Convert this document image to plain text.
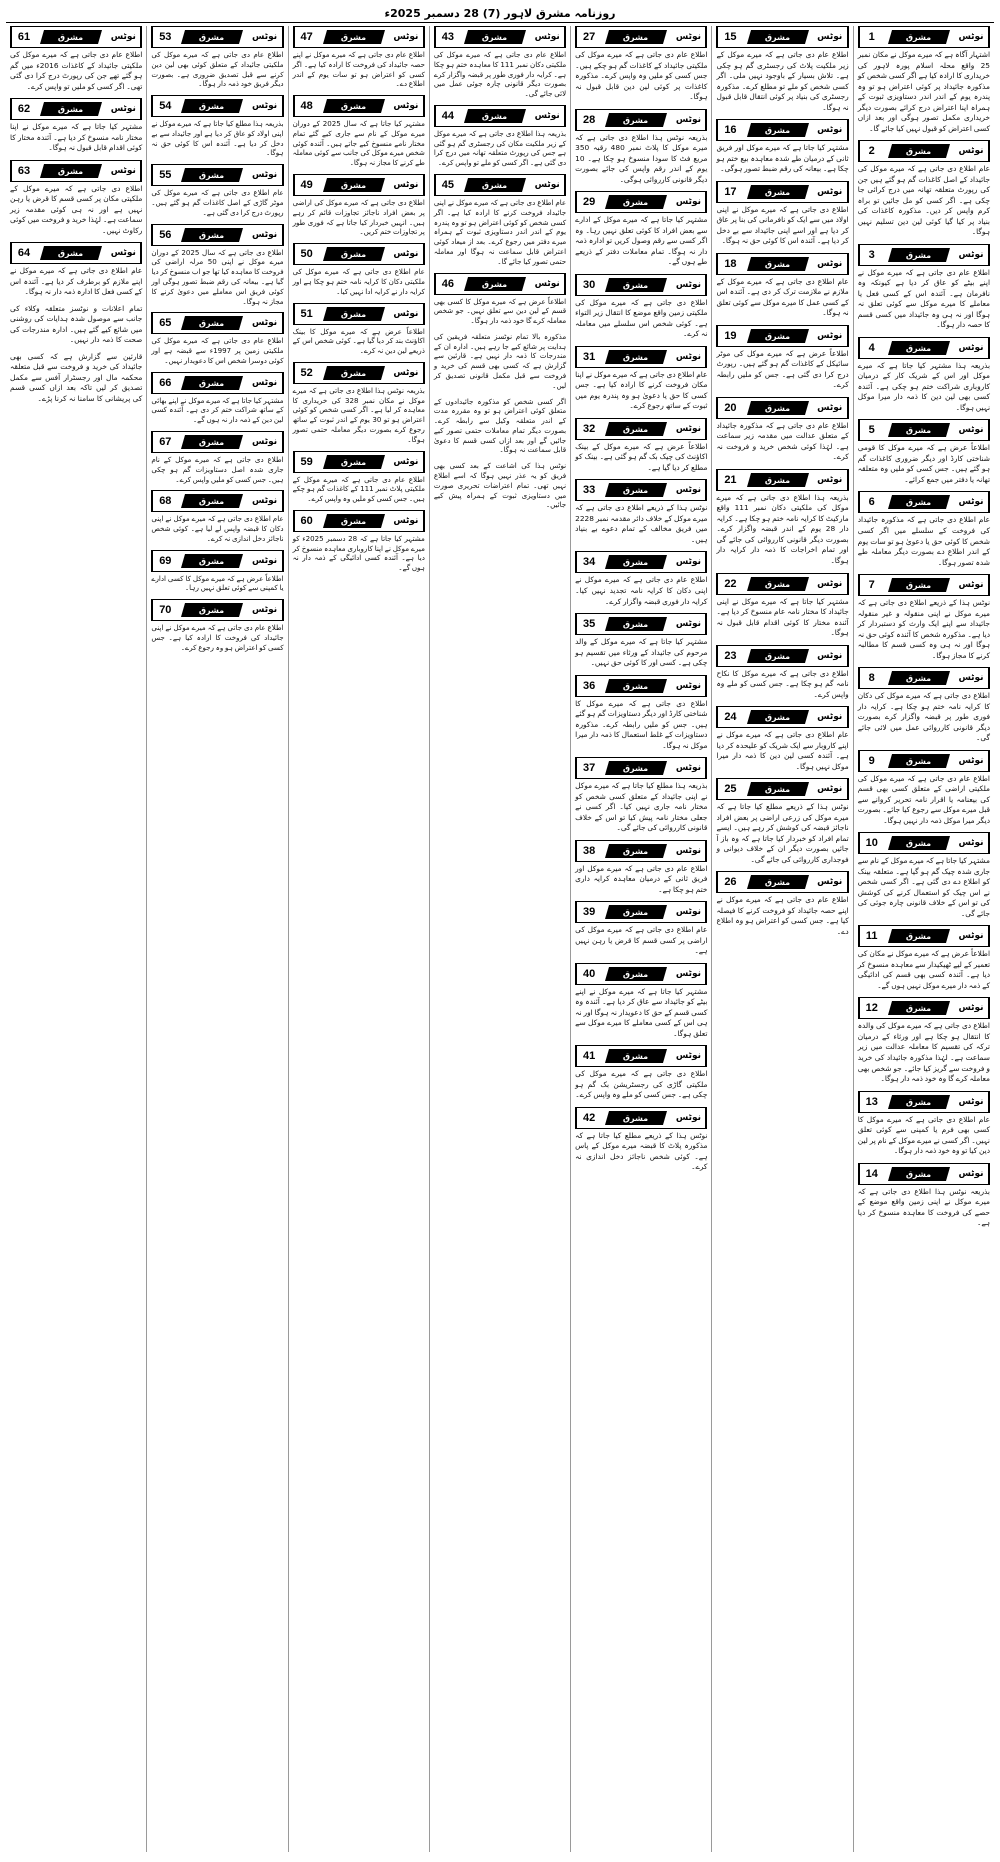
روزنامہ مشرق لاہور (7) 28 دسمبر 2025ء
نوٹس
مشرق
1

اشتہار آگاہ ہے کہ میرے موکل نے مکان نمبر 25 واقع محلہ اسلام پورہ لاہور کی خریداری کا ارادہ کیا ہے اگر کسی شخص کو مذکورہ جائیداد پر کوئی اعتراض ہو تو وہ پندرہ یوم کے اندر اندر دستاویزی ثبوت کے ہمراہ اپنا اعتراض درج کرائے بصورت دیگر خریداری مکمل تصور ہوگی اور بعد ازاں کسی اعتراض کو قبول نہیں کیا جائے گا۔

نوٹس
مشرق
2

عام اطلاع دی جاتی ہے کہ میرے موکل کی جائیداد کے اصل کاغذات گم ہو گئے ہیں جن کی رپورٹ متعلقہ تھانہ میں درج کرائی جا چکی ہے۔ اگر کسی کو مل جائیں تو براہ کرم واپس کر دیں۔ مذکورہ کاغذات کی بنیاد پر کیا گیا کوئی لین دین تسلیم نہیں ہوگا۔

نوٹس
مشرق
3

اطلاع عام دی جاتی ہے کہ میرے موکل نے اپنے بیٹے کو عاق کر دیا ہے کیونکہ وہ نافرمان ہے۔ آئندہ اس کے کسی فعل یا معاملے کا میرے موکل سے کوئی تعلق نہ ہوگا اور نہ ہی وہ جائیداد میں کسی قسم کا حصہ دار ہوگا۔

نوٹس
مشرق
4

بذریعہ ہذا مشتہر کیا جاتا ہے کہ میرے موکل اور اس کے شریک کار کے درمیان کاروباری شراکت ختم ہو چکی ہے۔ آئندہ کسی بھی لین دین کا ذمہ دار میرا موکل نہیں ہوگا۔

نوٹس
مشرق
5

اطلاعاً عرض ہے کہ میرے موکل کا قومی شناختی کارڈ اور دیگر ضروری کاغذات گم ہو گئے ہیں۔ جس کسی کو ملیں وہ متعلقہ تھانہ یا دفتر میں جمع کرائے۔

نوٹس
مشرق
6

عام اطلاع دی جاتی ہے کہ مذکورہ جائیداد کی فروخت کے سلسلے میں اگر کسی شخص کا کوئی حق یا دعویٰ ہو تو سات یوم کے اندر اطلاع دے بصورت دیگر معاملہ طے شدہ تصور ہوگا۔

نوٹس
مشرق
7

نوٹس ہذا کے ذریعے اطلاع دی جاتی ہے کہ میرے موکل نے اپنی منقولہ و غیر منقولہ جائیداد سے اپنے ایک وارث کو دستبردار کر دیا ہے۔ مذکورہ شخص کا آئندہ کوئی حق نہ ہوگا اور نہ ہی وہ کسی قسم کا مطالبہ کرنے کا مجاز ہوگا۔

نوٹس
مشرق
8

اطلاع دی جاتی ہے کہ میرے موکل کی دکان کا کرایہ نامہ ختم ہو چکا ہے۔ کرایہ دار فوری طور پر قبضہ واگزار کرے بصورت دیگر قانونی کارروائی عمل میں لائی جائے گی۔

نوٹس
مشرق
9

اطلاع عام دی جاتی ہے کہ میرے موکل کی ملکیتی اراضی کے متعلق کسی بھی قسم کی بیعنامہ یا اقرار نامہ تحریر کروانے سے قبل میرے موکل سے رجوع کیا جائے۔ بصورت دیگر میرا موکل ذمہ دار نہیں ہوگا۔

نوٹس
مشرق
10

مشتہر کیا جاتا ہے کہ میرے موکل کے نام سے جاری شدہ چیک گم ہو گیا ہے۔ متعلقہ بینک کو اطلاع دے دی گئی ہے۔ اگر کسی شخص نے اس چیک کو استعمال کرنے کی کوشش کی تو اس کے خلاف قانونی چارہ جوئی کی جائے گی۔

نوٹس
مشرق
11

اطلاعاً عرض ہے کہ میرے موکل نے مکان کی تعمیر کے لیے ٹھیکیدار سے معاہدہ منسوخ کر دیا ہے۔ آئندہ کسی بھی قسم کی ادائیگی کے ذمہ دار میرے موکل نہیں ہوں گے۔

نوٹس
مشرق
12

اطلاع دی جاتی ہے کہ میرے موکل کی والدہ کا انتقال ہو چکا ہے اور ورثاء کے درمیان ترکہ کی تقسیم کا معاملہ عدالت میں زیر سماعت ہے۔ لہٰذا مذکورہ جائیداد کی خرید و فروخت سے گریز کیا جائے۔ جو شخص بھی معاملہ کرے گا وہ خود ذمہ دار ہوگا۔

نوٹس
مشرق
13

عام اطلاع دی جاتی ہے کہ میرے موکل کا کسی بھی فرم یا کمپنی سے کوئی تعلق نہیں۔ اگر کسی نے میرے موکل کے نام پر لین دین کیا تو وہ خود ذمہ دار ہوگا۔

نوٹس
مشرق
14

بذریعہ نوٹس ہذا اطلاع دی جاتی ہے کہ میرے موکل نے اپنی زمین واقع موضع کے حصے کی فروخت کا معاہدہ منسوخ کر دیا ہے۔

نوٹس
مشرق
15

اطلاع عام دی جاتی ہے کہ میرے موکل کے زیر ملکیت پلاٹ کی رجسٹری گم ہو چکی ہے۔ تلاش بسیار کے باوجود نہیں ملی۔ اگر کسی شخص کو ملے تو مطلع کرے۔ مذکورہ رجسٹری کی بنیاد پر کوئی انتقال قابل قبول نہ ہوگا۔

نوٹس
مشرق
16

مشتہر کیا جاتا ہے کہ میرے موکل اور فریق ثانی کے درمیان طے شدہ معاہدہ بیع ختم ہو چکا ہے۔ بیعانہ کی رقم ضبط تصور ہوگی۔

نوٹس
مشرق
17

اطلاع دی جاتی ہے کہ میرے موکل نے اپنی اولاد میں سے ایک کو نافرمانی کی بنا پر عاق کر دیا ہے اور اسے اپنی جائیداد سے بے دخل کر دیا ہے۔ آئندہ اس کا کوئی حق نہ ہوگا۔

نوٹس
مشرق
18

عام اطلاع دی جاتی ہے کہ میرے موکل کے ملازم نے ملازمت ترک کر دی ہے۔ آئندہ اس کے کسی عمل کا میرے موکل سے کوئی تعلق نہ ہوگا۔

نوٹس
مشرق
19

اطلاعاً عرض ہے کہ میرے موکل کی موٹر سائیکل کے کاغذات گم ہو گئے ہیں۔ رپورٹ درج کرا دی گئی ہے۔ جس کو ملیں رابطہ کرے۔

نوٹس
مشرق
20

اطلاع عام دی جاتی ہے کہ مذکورہ جائیداد کے متعلق عدالت میں مقدمہ زیر سماعت ہے۔ لہٰذا کوئی شخص خرید و فروخت نہ کرے۔

نوٹس
مشرق
21

بذریعہ ہذا اطلاع دی جاتی ہے کہ میرے موکل کی ملکیتی دکان نمبر 111 واقع مارکیٹ کا کرایہ نامہ ختم ہو چکا ہے۔ کرایہ دار 28 یوم کے اندر قبضہ واگزار کرے۔ بصورت دیگر قانونی کارروائی کی جائے گی اور تمام اخراجات کا ذمہ دار کرایہ دار ہوگا۔

نوٹس
مشرق
22

مشتہر کیا جاتا ہے کہ میرے موکل نے اپنی جائیداد کا مختار نامہ عام منسوخ کر دیا ہے۔ آئندہ مختار کا کوئی اقدام قابل قبول نہ ہوگا۔

نوٹس
مشرق
23

اطلاع دی جاتی ہے کہ میرے موکل کا نکاح نامہ گم ہو چکا ہے۔ جس کسی کو ملے وہ واپس کرے۔

نوٹس
مشرق
24

عام اطلاع دی جاتی ہے کہ میرے موکل نے اپنے کاروبار سے ایک شریک کو علیحدہ کر دیا ہے۔ آئندہ کسی لین دین کا ذمہ دار میرا موکل نہیں ہوگا۔

نوٹس
مشرق
25

نوٹس ہذا کے ذریعے مطلع کیا جاتا ہے کہ میرے موکل کی زرعی اراضی پر بعض افراد ناجائز قبضہ کی کوشش کر رہے ہیں۔ ایسے تمام افراد کو خبردار کیا جاتا ہے کہ وہ باز آ جائیں بصورت دیگر ان کے خلاف دیوانی و فوجداری کارروائی کی جائے گی۔

نوٹس
مشرق
26

اطلاع عام دی جاتی ہے کہ میرے موکل نے اپنے حصہ جائیداد کو فروخت کرنے کا فیصلہ کیا ہے۔ جس کسی کو اعتراض ہو وہ اطلاع دے۔

نوٹس
مشرق
27

اطلاع عام دی جاتی ہے کہ میرے موکل کی ملکیتی جائیداد کے کاغذات گم ہو چکے ہیں۔ جس کسی کو ملیں وہ واپس کرے۔ مذکورہ کاغذات پر کوئی لین دین قابل قبول نہ ہوگا۔

نوٹس
مشرق
28

بذریعہ نوٹس ہذا اطلاع دی جاتی ہے کہ میرے موکل کا پلاٹ نمبر 480 رقبہ 350 مربع فٹ کا سودا منسوخ ہو چکا ہے۔ 10 یوم کے اندر رقم واپس کی جائے بصورت دیگر قانونی کارروائی ہوگی۔

نوٹس
مشرق
29

مشتہر کیا جاتا ہے کہ میرے موکل کے ادارے سے بعض افراد کا کوئی تعلق نہیں رہا۔ وہ اگر کسی سے رقم وصول کریں تو ادارہ ذمہ دار نہ ہوگا۔ تمام معاملات دفتر کے ذریعے طے ہوں گے۔

نوٹس
مشرق
30

اطلاع دی جاتی ہے کہ میرے موکل کی ملکیتی زمین واقع موضع کا انتقال زیر التواء ہے۔ کوئی شخص اس سلسلے میں معاملہ نہ کرے۔

نوٹس
مشرق
31

عام اطلاع دی جاتی ہے کہ میرے موکل نے اپنا مکان فروخت کرنے کا ارادہ کیا ہے۔ جس کسی کا حق یا دعویٰ ہو وہ پندرہ یوم میں ثبوت کے ساتھ رجوع کرے۔

نوٹس
مشرق
32

اطلاعاً عرض ہے کہ میرے موکل کے بینک اکاؤنٹ کی چیک بک گم ہو گئی ہے۔ بینک کو مطلع کر دیا گیا ہے۔

نوٹس
مشرق
33

نوٹس ہذا کے ذریعے اطلاع دی جاتی ہے کہ میرے موکل کے خلاف دائر مقدمہ نمبر 2228 میں فریق مخالف کے تمام دعوے بے بنیاد ہیں۔

نوٹس
مشرق
34

اطلاع عام دی جاتی ہے کہ میرے موکل نے اپنی دکان کا کرایہ نامہ تجدید نہیں کیا۔ کرایہ دار فوری قبضہ واگزار کرے۔

نوٹس
مشرق
35

مشتہر کیا جاتا ہے کہ میرے موکل کے والد مرحوم کی جائیداد کے ورثاء میں تقسیم ہو چکی ہے۔ کسی اور کا کوئی حق نہیں۔

نوٹس
مشرق
36

اطلاع دی جاتی ہے کہ میرے موکل کا شناختی کارڈ اور دیگر دستاویزات گم ہو گئے ہیں۔ جس کو ملیں رابطہ کرے۔ مذکورہ دستاویزات کے غلط استعمال کا ذمہ دار میرا موکل نہ ہوگا۔

نوٹس
مشرق
37

بذریعہ ہذا مطلع کیا جاتا ہے کہ میرے موکل نے اپنی جائیداد کے متعلق کسی شخص کو مختار نامہ جاری نہیں کیا۔ اگر کسی نے جعلی مختار نامہ پیش کیا تو اس کے خلاف قانونی کارروائی کی جائے گی۔

نوٹس
مشرق
38

اطلاع عام دی جاتی ہے کہ میرے موکل اور فریق ثانی کے درمیان معاہدہ کرایہ داری ختم ہو چکا ہے۔

نوٹس
مشرق
39

عام اطلاع دی جاتی ہے کہ میرے موکل کی اراضی پر کسی قسم کا قرض یا رہن نہیں ہے۔

نوٹس
مشرق
40

مشتہر کیا جاتا ہے کہ میرے موکل نے اپنے بیٹے کو جائیداد سے عاق کر دیا ہے۔ آئندہ وہ کسی قسم کے حق کا دعویدار نہ ہوگا اور نہ ہی اس کے کسی معاملے کا میرے موکل سے تعلق ہوگا۔

نوٹس
مشرق
41

اطلاع دی جاتی ہے کہ میرے موکل کی ملکیتی گاڑی کی رجسٹریشن بک گم ہو چکی ہے۔ جس کسی کو ملے وہ واپس کرے۔

نوٹس
مشرق
42

نوٹس ہذا کے ذریعے مطلع کیا جاتا ہے کہ مذکورہ پلاٹ کا قبضہ میرے موکل کے پاس ہے۔ کوئی شخص ناجائز دخل اندازی نہ کرے۔

نوٹس
مشرق
43

اطلاع عام دی جاتی ہے کہ میرے موکل کی ملکیتی دکان نمبر 111 کا معاہدہ ختم ہو چکا ہے۔ کرایہ دار فوری طور پر قبضہ واگزار کرے بصورت دیگر قانونی چارہ جوئی عمل میں لائی جائے گی۔

نوٹس
مشرق
44

بذریعہ ہذا اطلاع دی جاتی ہے کہ میرے موکل کے زیر ملکیت مکان کی رجسٹری گم ہو گئی ہے جس کی رپورٹ متعلقہ تھانہ میں درج کرا دی گئی ہے۔ اگر کسی کو ملے تو واپس کرے۔

نوٹس
مشرق
45

عام اطلاع دی جاتی ہے کہ میرے موکل نے اپنی جائیداد فروخت کرنے کا ارادہ کیا ہے۔ اگر کسی شخص کو کوئی اعتراض ہو تو وہ پندرہ یوم کے اندر اندر دستاویزی ثبوت کے ہمراہ میرے دفتر میں رجوع کرے۔ بعد از میعاد کوئی اعتراض قابل سماعت نہ ہوگا اور معاملہ حتمی تصور کیا جائے گا۔

نوٹس
مشرق
46

اطلاعاً عرض ہے کہ میرے موکل کا کسی بھی قسم کے لین دین سے تعلق نہیں۔ جو شخص معاملہ کرے گا خود ذمہ دار ہوگا۔

مذکورہ بالا تمام نوٹسز متعلقہ فریقین کی ہدایت پر شائع کیے جا رہے ہیں۔ ادارہ ان کے مندرجات کا ذمہ دار نہیں ہے۔ قارئین سے گزارش ہے کہ کسی بھی قسم کی خرید و فروخت سے قبل مکمل قانونی تصدیق کر لیں۔

اگر کسی شخص کو مذکورہ جائیدادوں کے متعلق کوئی اعتراض ہو تو وہ مقررہ مدت کے اندر متعلقہ وکیل سے رابطہ کرے۔ بصورت دیگر تمام معاملات حتمی تصور کیے جائیں گے اور بعد ازاں کسی قسم کا دعویٰ قابل سماعت نہ ہوگا۔

نوٹس ہذا کی اشاعت کے بعد کسی بھی فریق کو یہ عذر نہیں ہوگا کہ اسے اطلاع نہیں تھی۔ تمام اعتراضات تحریری صورت میں دستاویزی ثبوت کے ہمراہ پیش کیے جائیں۔

نوٹس
مشرق
47

اطلاع عام دی جاتی ہے کہ میرے موکل نے اپنے حصہ جائیداد کی فروخت کا ارادہ کیا ہے۔ اگر کسی کو اعتراض ہو تو سات یوم کے اندر اطلاع دے۔

نوٹس
مشرق
48

مشتہر کیا جاتا ہے کہ سال 2025 کے دوران میرے موکل کے نام سے جاری کیے گئے تمام مختار نامے منسوخ کیے جاتے ہیں۔ آئندہ کوئی شخص میرے موکل کی جانب سے کوئی معاملہ طے کرنے کا مجاز نہ ہوگا۔

نوٹس
مشرق
49

اطلاع دی جاتی ہے کہ میرے موکل کی اراضی پر بعض افراد ناجائز تجاوزات قائم کر رہے ہیں۔ انہیں خبردار کیا جاتا ہے کہ فوری طور پر تجاوزات ختم کریں۔

نوٹس
مشرق
50

عام اطلاع دی جاتی ہے کہ میرے موکل کی ملکیتی دکان کا کرایہ نامہ ختم ہو چکا ہے اور کرایہ دار نے کرایہ ادا نہیں کیا۔

نوٹس
مشرق
51

اطلاعاً عرض ہے کہ میرے موکل کا بینک اکاؤنٹ بند کر دیا گیا ہے۔ کوئی شخص اس کے ذریعے لین دین نہ کرے۔

نوٹس
مشرق
52

بذریعہ نوٹس ہذا اطلاع دی جاتی ہے کہ میرے موکل نے مکان نمبر 328 کی خریداری کا معاہدہ کر لیا ہے۔ اگر کسی شخص کو کوئی اعتراض ہو تو 30 یوم کے اندر ثبوت کے ساتھ رجوع کرے بصورت دیگر معاملہ حتمی تصور ہوگا۔

نوٹس
مشرق
59

اطلاع عام دی جاتی ہے کہ میرے موکل کے ملکیتی پلاٹ نمبر 111 کے کاغذات گم ہو چکے ہیں۔ جس کسی کو ملیں وہ واپس کرے۔

نوٹس
مشرق
60

مشتہر کیا جاتا ہے کہ 28 دسمبر 2025ء کو میرے موکل نے اپنا کاروباری معاہدہ منسوخ کر دیا ہے۔ آئندہ کسی ادائیگی کے ذمہ دار نہ ہوں گے۔

نوٹس
مشرق
53

اطلاع عام دی جاتی ہے کہ میرے موکل کی ملکیتی جائیداد کے متعلق کوئی بھی لین دین کرنے سے قبل تصدیق ضروری ہے۔ بصورت دیگر فریق خود ذمہ دار ہوگا۔

نوٹس
مشرق
54

بذریعہ ہذا مطلع کیا جاتا ہے کہ میرے موکل نے اپنی اولاد کو عاق کر دیا ہے اور جائیداد سے بے دخل کر دیا ہے۔ آئندہ اس کا کوئی حق نہ ہوگا۔

نوٹس
مشرق
55

عام اطلاع دی جاتی ہے کہ میرے موکل کی موٹر گاڑی کے اصل کاغذات گم ہو گئے ہیں۔ رپورٹ درج کرا دی گئی ہے۔

نوٹس
مشرق
56

اطلاع دی جاتی ہے کہ سال 2025 کے دوران میرے موکل نے اپنی 50 مرلہ اراضی کی فروخت کا معاہدہ کیا تھا جو اب منسوخ کر دیا گیا ہے۔ بیعانہ کی رقم ضبط تصور ہوگی اور کوئی فریق اس معاملے میں دعویٰ کرنے کا مجاز نہ ہوگا۔

نوٹس
مشرق
65

اطلاع عام دی جاتی ہے کہ میرے موکل کی ملکیتی زمین پر 1997ء سے قبضہ ہے اور کوئی دوسرا شخص اس کا دعویدار نہیں۔

نوٹس
مشرق
66

مشتہر کیا جاتا ہے کہ میرے موکل نے اپنے بھائی کے ساتھ شراکت ختم کر دی ہے۔ آئندہ کسی لین دین کے ذمہ دار نہ ہوں گے۔

نوٹس
مشرق
67

اطلاع دی جاتی ہے کہ میرے موکل کے نام جاری شدہ اصل دستاویزات گم ہو چکی ہیں۔ جس کسی کو ملیں واپس کرے۔

نوٹس
مشرق
68

عام اطلاع دی جاتی ہے کہ میرے موکل نے اپنی دکان کا قبضہ واپس لے لیا ہے۔ کوئی شخص ناجائز دخل اندازی نہ کرے۔

نوٹس
مشرق
69

اطلاعاً عرض ہے کہ میرے موکل کا کسی ادارے یا کمپنی سے کوئی تعلق نہیں رہا۔

نوٹس
مشرق
70

اطلاع عام دی جاتی ہے کہ میرے موکل نے اپنی جائیداد کی فروخت کا ارادہ کیا ہے۔ جس کسی کو اعتراض ہو وہ رجوع کرے۔

نوٹس
مشرق
61

اطلاع عام دی جاتی ہے کہ میرے موکل کی ملکیتی جائیداد کے کاغذات 2016ء میں گم ہو گئے تھے جن کی رپورٹ درج کرا دی گئی تھی۔ اگر کسی کو ملیں تو واپس کرے۔

نوٹس
مشرق
62

مشتہر کیا جاتا ہے کہ میرے موکل نے اپنا مختار نامہ منسوخ کر دیا ہے۔ آئندہ مختار کا کوئی اقدام قابل قبول نہ ہوگا۔

نوٹس
مشرق
63

اطلاع دی جاتی ہے کہ میرے موکل کے ملکیتی مکان پر کسی قسم کا قرض یا رہن نہیں ہے اور نہ ہی کوئی مقدمہ زیر سماعت ہے۔ لہٰذا خرید و فروخت میں کوئی رکاوٹ نہیں۔

نوٹس
مشرق
64

عام اطلاع دی جاتی ہے کہ میرے موکل نے اپنے ملازم کو برطرف کر دیا ہے۔ آئندہ اس کے کسی فعل کا ادارہ ذمہ دار نہ ہوگا۔

تمام اعلانات و نوٹسز متعلقہ وکلاء کی جانب سے موصول شدہ ہدایات کی روشنی میں شائع کیے گئے ہیں۔ ادارہ مندرجات کی صحت کا ذمہ دار نہیں۔

قارئین سے گزارش ہے کہ کسی بھی جائیداد کی خرید و فروخت سے قبل متعلقہ محکمہ مال اور رجسٹرار آفس سے مکمل تصدیق کر لیں تاکہ بعد ازاں کسی قسم کی پریشانی کا سامنا نہ کرنا پڑے۔
